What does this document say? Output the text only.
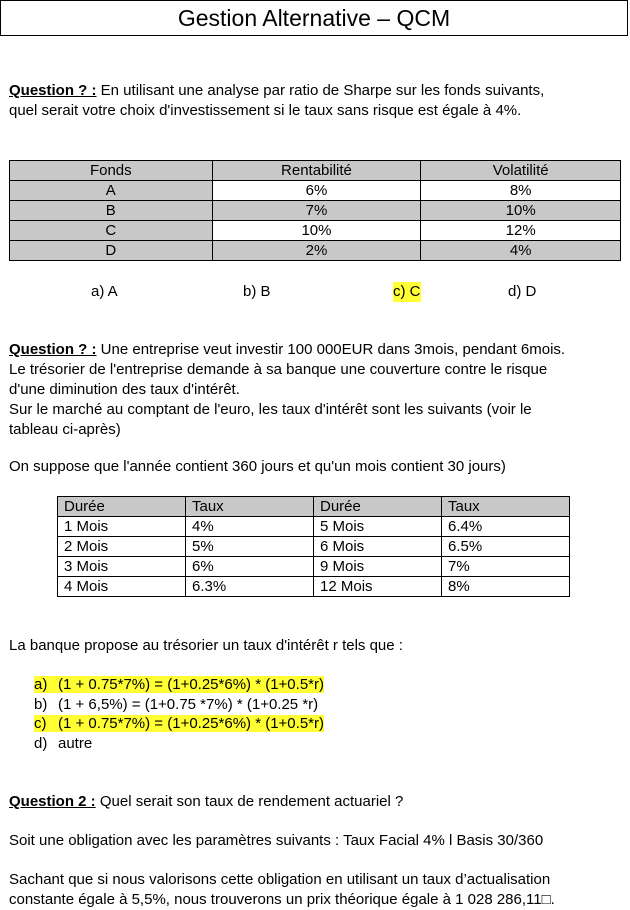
Gestion Alternative – QCM
Question ? : En utilisant une analyse par ratio de Sharpe sur les fonds suivants,
quel serait votre choix d'investissement si le taux sans risque est égale à 4%.
Fonds	Rentabilité	Volatilité
A	6%	8%
B	7%	10%
C	10%	12%
D	2%	4%
a) A	b) B	c) C	d) D
Question ? : Une entreprise veut investir 100 000EUR dans 3mois, pendant 6mois.
Le trésorier de l'entreprise demande à sa banque une couverture contre le risque
d'une diminution des taux d'intérêt.
Sur le marché au comptant de l'euro, les taux d'intérêt sont les suivants (voir le
tableau ci-après)
On suppose que l'année contient 360 jours et qu'un mois contient 30 jours)
Durée	Taux	Durée	Taux
1 Mois	4%	5 Mois	6.4%
2 Mois	5%	6 Mois	6.5%
3 Mois	6%	9 Mois	7%
4 Mois	6.3%	12 Mois	8%
La banque propose au trésorier un taux d'intérêt r tels que :
a) (1 + 0.75*7%) = (1+0.25*6%) * (1+0.5*r)
b) (1 + 6,5%) = (1+0.75 *7%) * (1+0.25 *r)
c) (1 + 0.75*7%) = (1+0.25*6%) * (1+0.5*r)
d) autre
Question 2 : Quel serait son taux de rendement actuariel ?
Soit une obligation avec les paramètres suivants : Taux Facial 4% l Basis 30/360
Sachant que si nous valorisons cette obligation en utilisant un taux d’actualisation
constante égale à 5,5%, nous trouverons un prix théorique égale à 1 028 286,11□.
